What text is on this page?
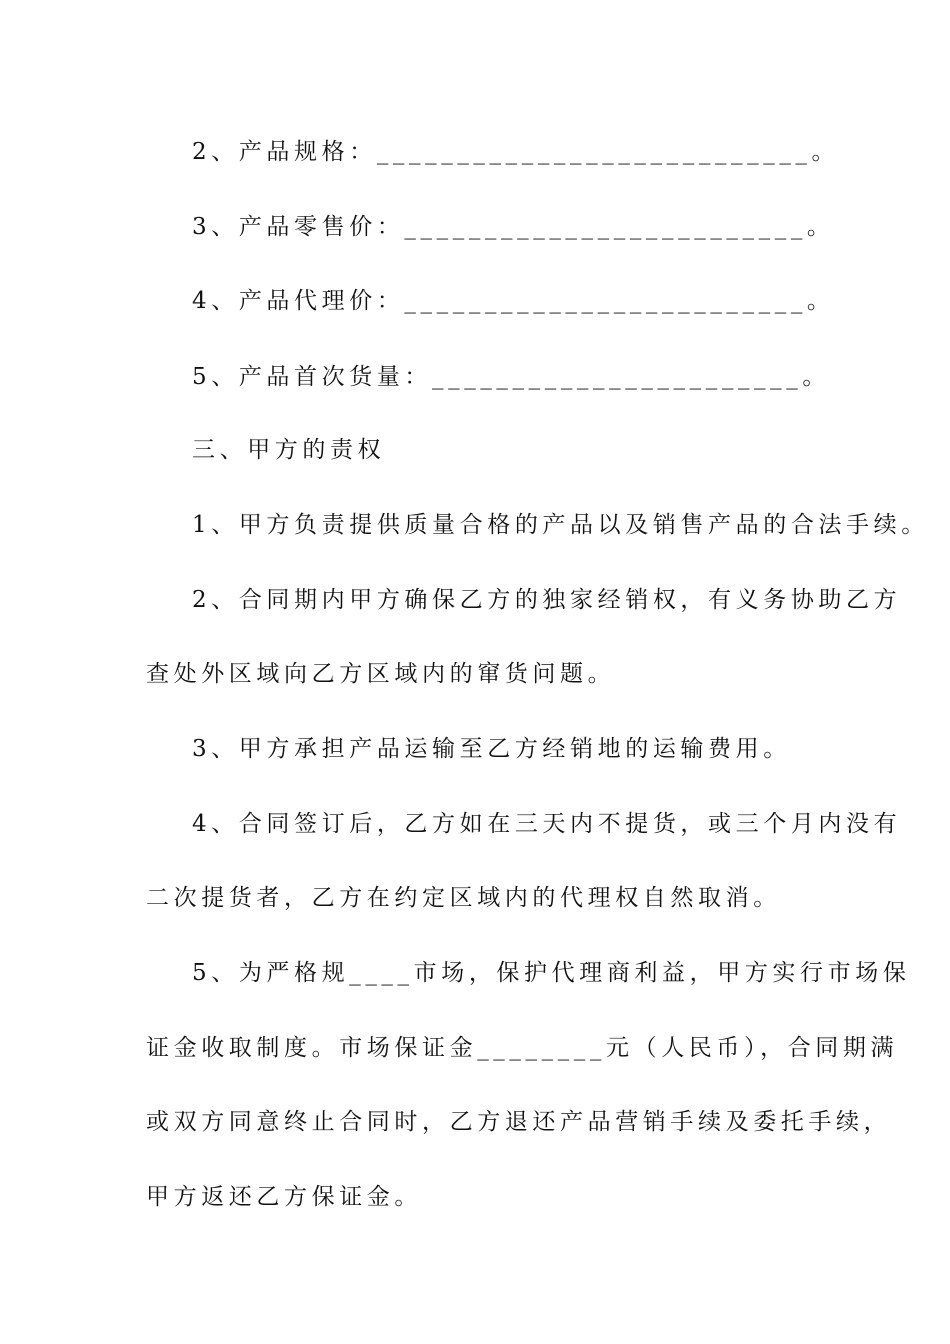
2、产品规格：___________________________。
3、产品零售价：_________________________。
4、产品代理价：_________________________。
5、产品首次货量：_______________________。
三、甲方的责权
1、甲方负责提供质量合格的产品以及销售产品的合法手续。
2、合同期内甲方确保乙方的独家经销权，有义务协助乙方
查处外区域向乙方区域内的窜货问题。
3、甲方承担产品运输至乙方经销地的运输费用。
4、合同签订后，乙方如在三天内不提货，或三个月内没有
二次提货者，乙方在约定区域内的代理权自然取消。
5、为严格规____市场，保护代理商利益，甲方实行市场保
证金收取制度。市场保证金________元（人民币），合同期满
或双方同意终止合同时，乙方退还产品营销手续及委托手续，
甲方返还乙方保证金。
